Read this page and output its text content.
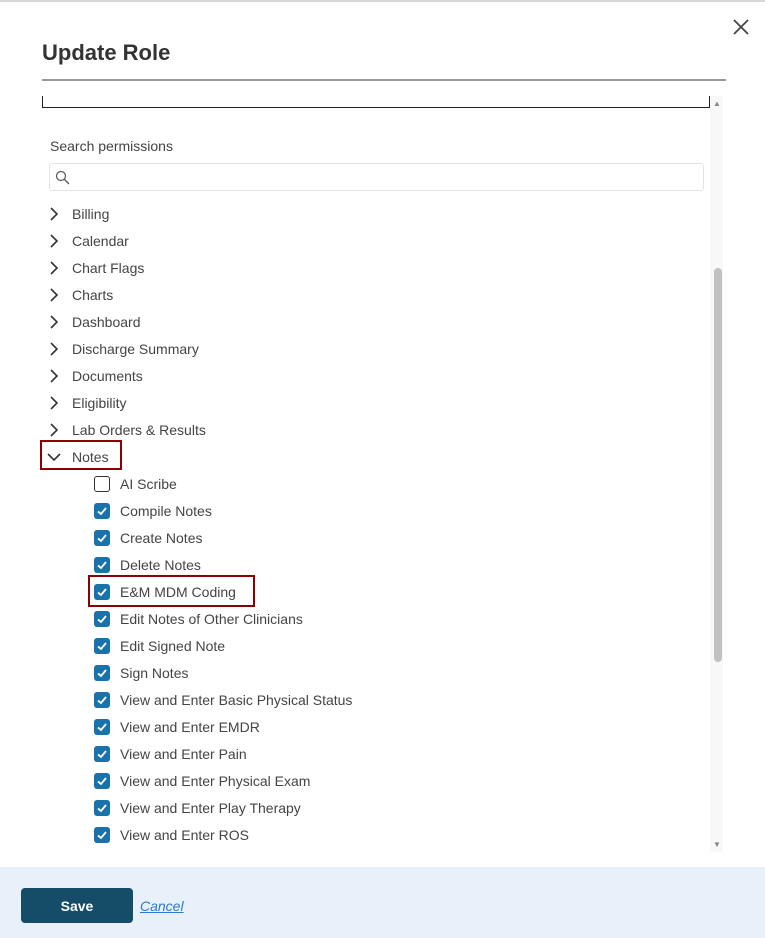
Update Role
▲
▼
Search permissions
Billing
Calendar
Chart Flags
Charts
Dashboard
Discharge Summary
Documents
Eligibility
Lab Orders & Results
Notes
AI Scribe
Compile Notes
Create Notes
Delete Notes
E&M MDM Coding
Edit Notes of Other Clinicians
Edit Signed Note
Sign Notes
View and Enter Basic Physical Status
View and Enter EMDR
View and Enter Pain
View and Enter Physical Exam
View and Enter Play Therapy
View and Enter ROS
Save	Cancel
